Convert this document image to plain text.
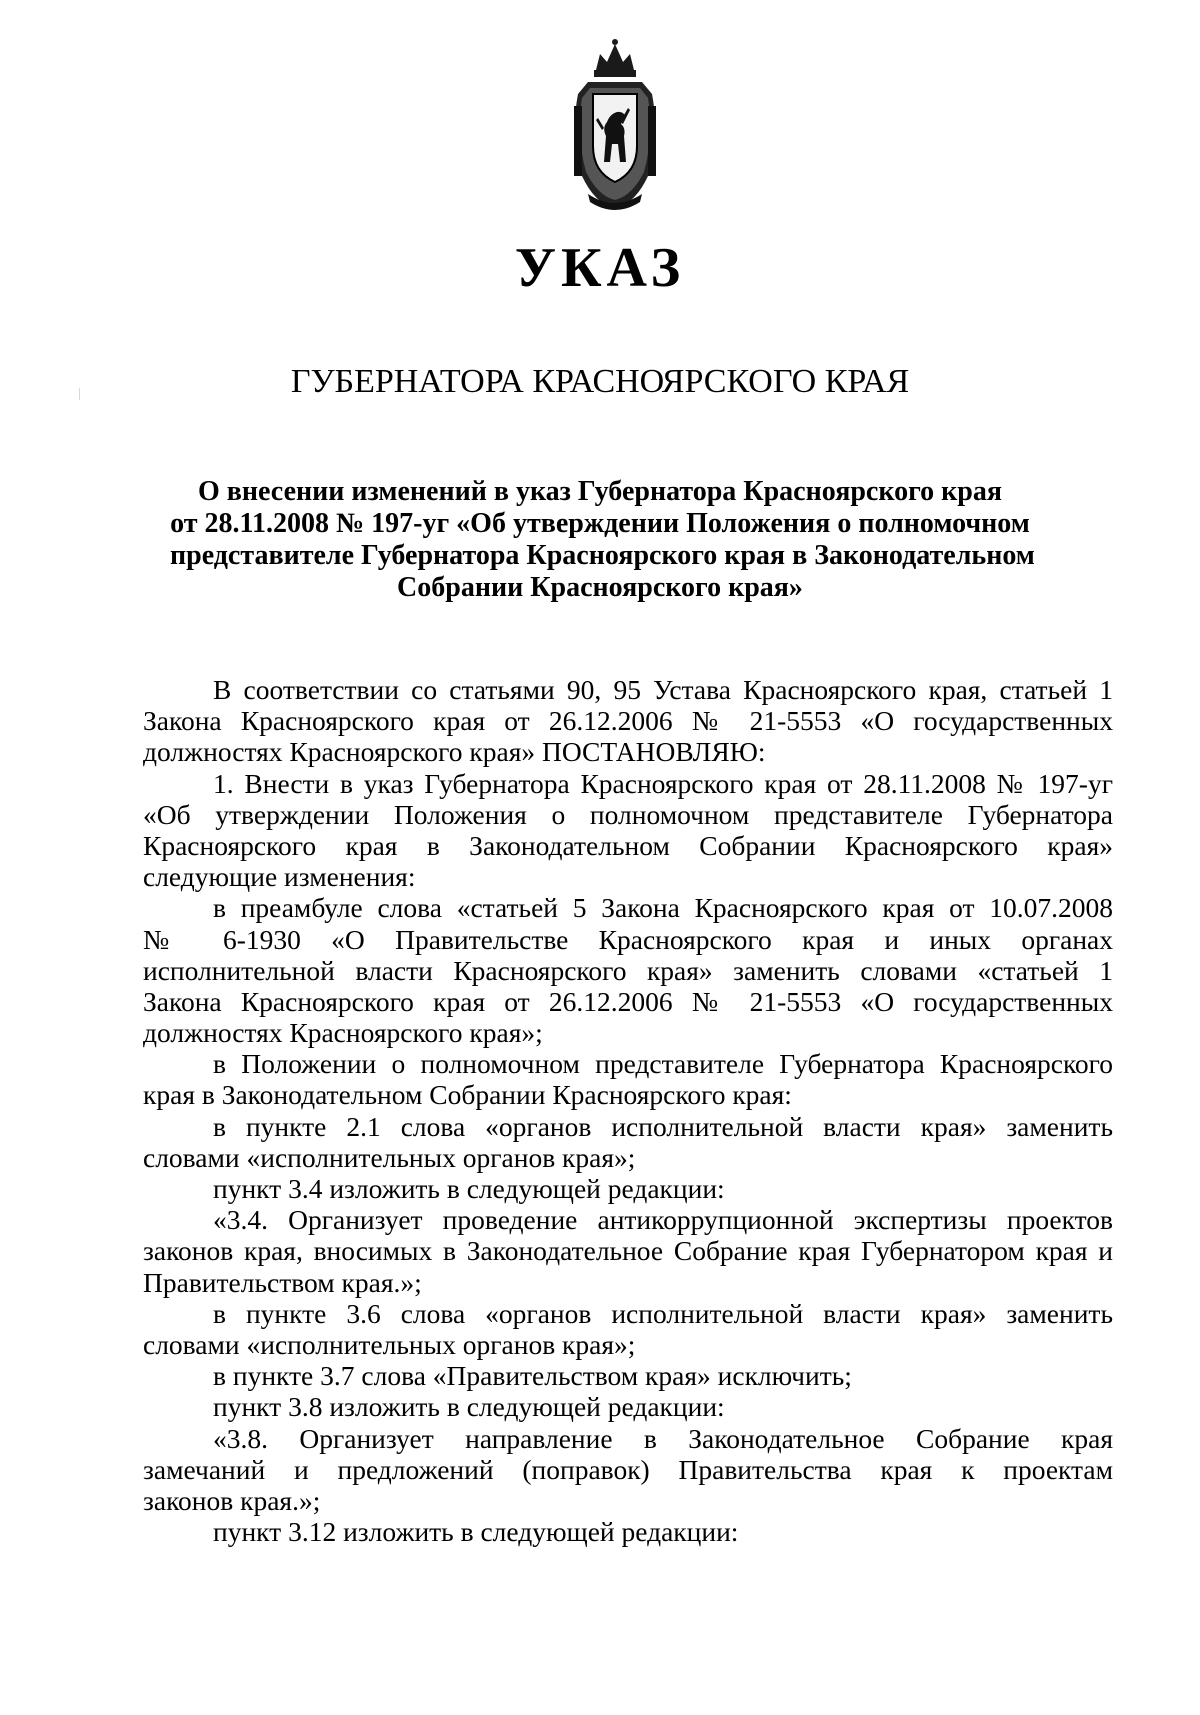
УКАЗ
ГУБЕРНАТОРА КРАСНОЯРСКОГО КРАЯ
О внесении изменений в указ Губернатора Красноярского края
от 28.11.2008 № 197-уг «Об утверждении Положения о полномочном
представителе Губернатора Красноярского края в Законодательном
Собрании Красноярского края»
В соответствии со статьями 90, 95 Устава Красноярского края, статьей 1
Закона Красноярского края от 26.12.2006 № 21-5553 «О государственных
должностях Красноярского края» ПОСТАНОВЛЯЮ:
1. Внести в указ Губернатора Красноярского края от 28.11.2008 № 197-уг
«Об утверждении Положения о полномочном представителе Губернатора
Красноярского края в Законодательном Собрании Красноярского края»
следующие изменения:
в преамбуле слова «статьей 5 Закона Красноярского края от 10.07.2008
№ 6-1930 «О Правительстве Красноярского края и иных органах
исполнительной власти Красноярского края» заменить словами «статьей 1
Закона Красноярского края от 26.12.2006 № 21-5553 «О государственных
должностях Красноярского края»;
в Положении о полномочном представителе Губернатора Красноярского
края в Законодательном Собрании Красноярского края:
в пункте 2.1 слова «органов исполнительной власти края» заменить
словами «исполнительных органов края»;
пункт 3.4 изложить в следующей редакции:
«3.4. Организует проведение антикоррупционной экспертизы проектов
законов края, вносимых в Законодательное Собрание края Губернатором края и
Правительством края.»;
в пункте 3.6 слова «органов исполнительной власти края» заменить
словами «исполнительных органов края»;
в пункте 3.7 слова «Правительством края» исключить;
пункт 3.8 изложить в следующей редакции:
«3.8. Организует направление в Законодательное Собрание края
замечаний и предложений (поправок) Правительства края к проектам
законов края.»;
пункт 3.12 изложить в следующей редакции:
